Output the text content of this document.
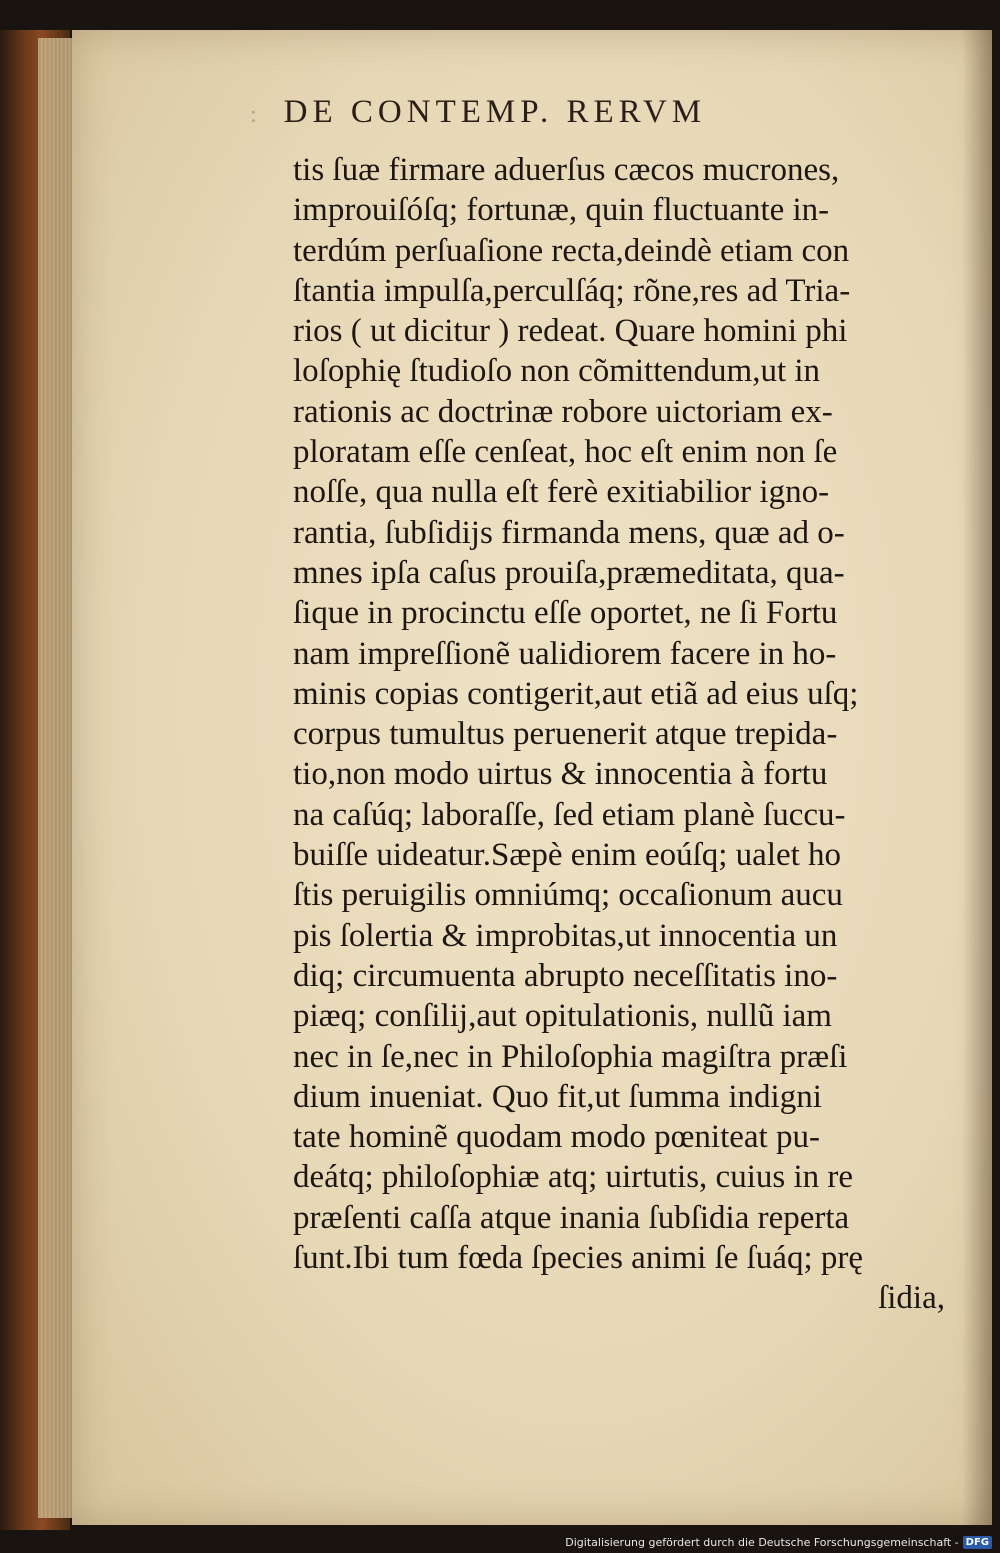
: DE CONTEMP. RERVM
tis ſuæ firmare aduerſus cæcos mucrones,
improuiſóſq; fortunæ, quin fluctuante in-
terdúm perſuaſione recta,deindè etiam con
ſtantia impulſa,perculſáq; rõne,res ad Tria-
rios ( ut dicitur ) redeat. Quare homini phi
loſophię ſtudioſo non cõmittendum,ut in
rationis ac doctrinæ robore uictoriam ex-
ploratam eſſe cenſeat, hoc eſt enim non ſe
noſſe, qua nulla eſt ferè exitiabilior igno-
rantia, ſubſidijs firmanda mens, quæ ad o-
mnes ipſa caſus prouiſa,præmeditata, qua-
ſique in procinctu eſſe oportet, ne ſi Fortu
nam impreſſionẽ ualidiorem facere in ho-
minis copias contigerit,aut etiã ad eius uſq;
corpus tumultus peruenerit atque trepida-
tio,non modo uirtus & innocentia à fortu
na caſúq; laboraſſe, ſed etiam planè ſuccu-
buiſſe uideatur.Sæpè enim eoúſq; ualet ho
ſtis peruigilis omniúmq; occaſionum aucu
pis ſolertia & improbitas,ut innocentia un
diq; circumuenta abrupto neceſſitatis ino-
piæq; conſilij,aut opitulationis, nullũ iam
nec in ſe,nec in Philoſophia magiſtra præſi
dium inueniat. Quo fit,ut ſumma indigni
tate hominẽ quodam modo pœniteat pu-
deátq; philoſophiæ atq; uirtutis, cuius in re
præſenti caſſa atque inania ſubſidia reperta
ſunt.Ibi tum fœda ſpecies animi ſe ſuáq; prę
ſidia,
Digitalisierung gefördert durch die Deutsche Forschungsgemeinschaft - DFG
